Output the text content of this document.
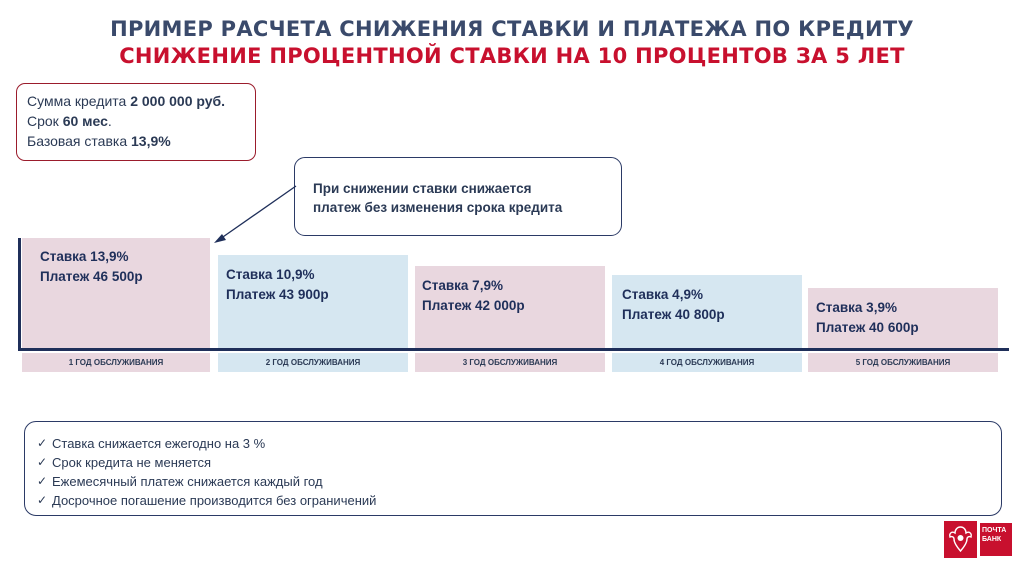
ПРИМЕР РАСЧЕТА СНИЖЕНИЯ СТАВКИ И ПЛАТЕЖА ПО КРЕДИТУ
СНИЖЕНИЕ ПРОЦЕНТНОЙ СТАВКИ НА 10 ПРОЦЕНТОВ ЗА 5 ЛЕТ
Сумма кредита 2 000 000 руб.
Срок 60 мес.
Базовая ставка 13,9%
При снижении ставки снижается
платеж без изменения срока кредита
Ставка 13,9%
Платеж 46 500р	Ставка 10,9%
Платеж 43 900р
Ставка 7,9%
Платеж 42 000р
Ставка 4,9%
Платеж 40 800р	Ставка 3,9%
Платеж 40 600р
1 ГОД ОБСЛУЖИВАНИЯ	2 ГОД ОБСЛУЖИВАНИЯ	3 ГОД ОБСЛУЖИВАНИЯ	4 ГОД ОБСЛУЖИВАНИЯ	5 ГОД ОБСЛУЖИВАНИЯ
✓ Ставка снижается ежегодно на 3 %
✓ Срок кредита не меняется
✓ Ежемесячный платеж снижается каждый год
✓ Досрочное погашение производится без ограничений
ПОЧТА
БАНК
